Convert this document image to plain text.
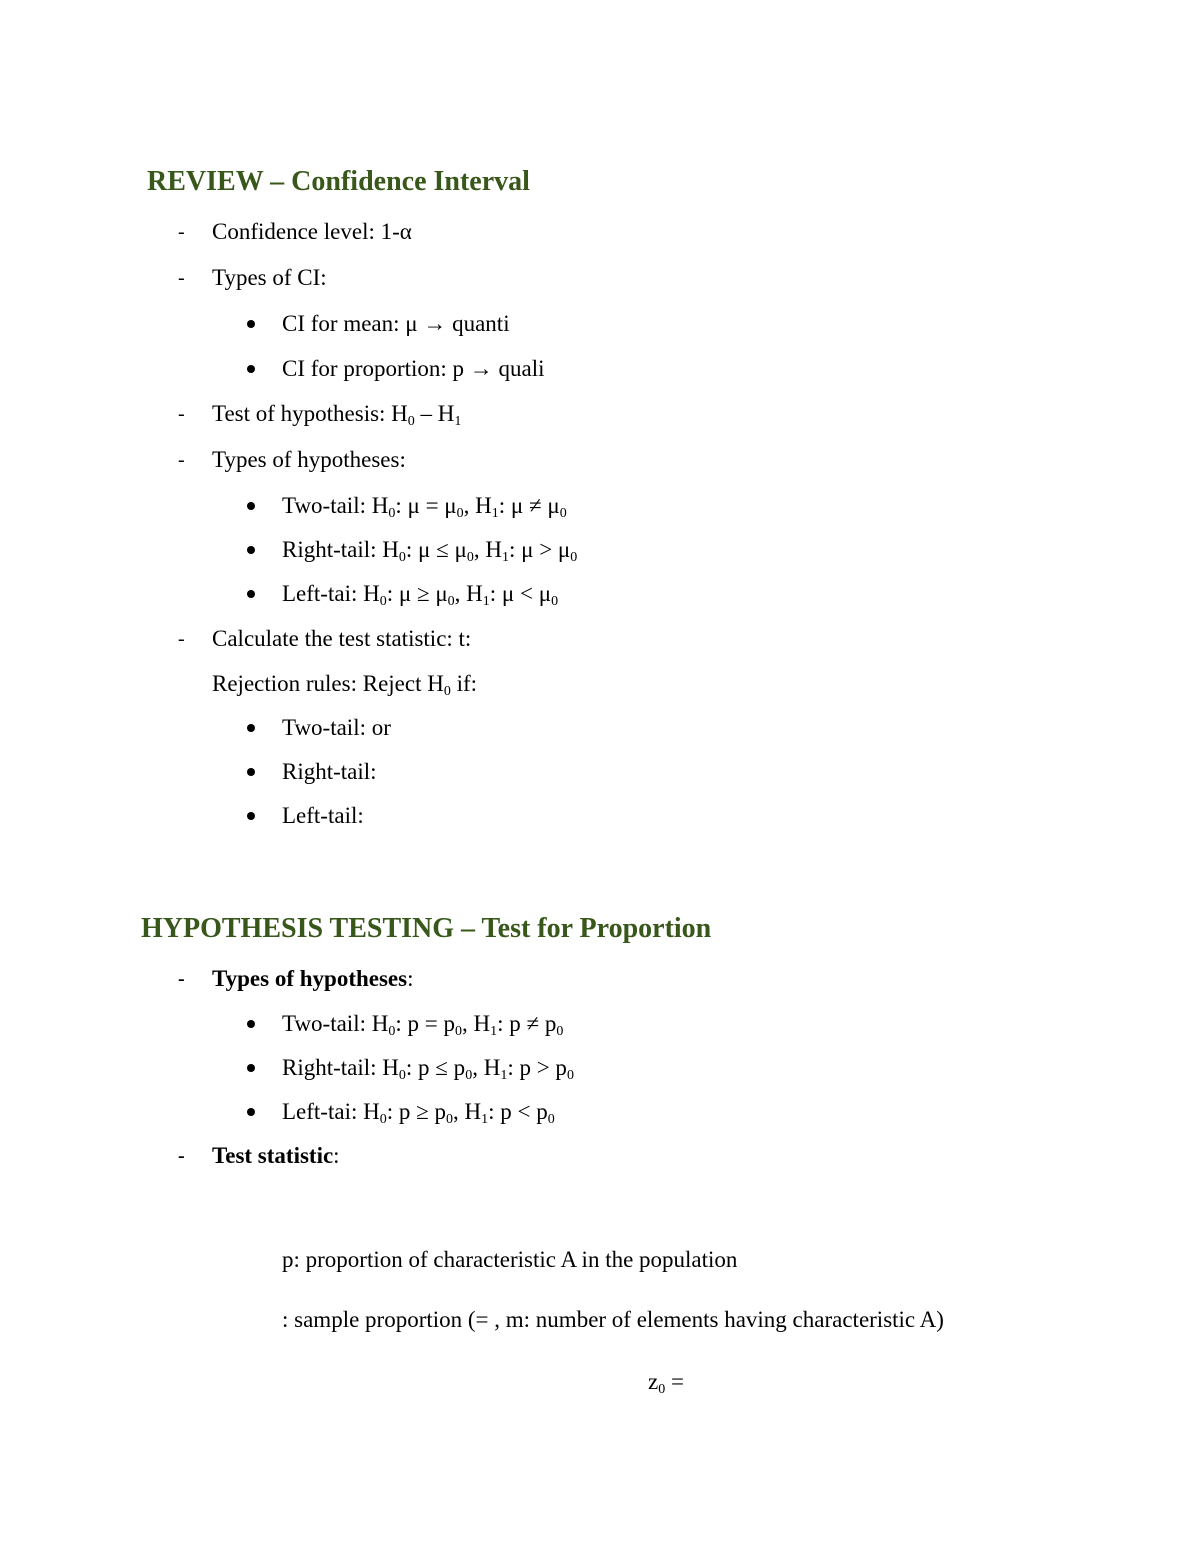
REVIEW – Confidence Interval
- Confidence level: 1-α
- Types of CI:
CI for mean: μ → quanti
CI for proportion: p → quali
- Test of hypothesis: $H_0 - H_1$
- Types of hypotheses:
Two-tail: $H_0$: $\mu = \mu_0$, $H_1$: $\mu \ne \mu_0$
Right-tail: $H_0$: $\mu \le \mu_0$, $H_1$: $\mu > \mu_0$
Left-tai: $H_0$: $\mu \ge \mu_0$, $H_1$: $\mu < \mu_0$
- Calculate the test statistic: t:
Rejection rules: Reject $H_0$ if:
Two-tail: or
Right-tail:
Left-tail:
HYPOTHESIS TESTING – Test for Proportion
- Types of hypotheses:
Two-tail: $H_0$: $p = p_0$, $H_1$: $p \ne p_0$
Right-tail: $H_0$: $p \le p_0$, $H_1$: $p > p_0$
Left-tai: $H_0$: $p \ge p_0$, $H_1$: $p < p_0$
- Test statistic:
p: proportion of characteristic A in the population
: sample proportion (= , m: number of elements having characteristic A)
$z_0$ =
